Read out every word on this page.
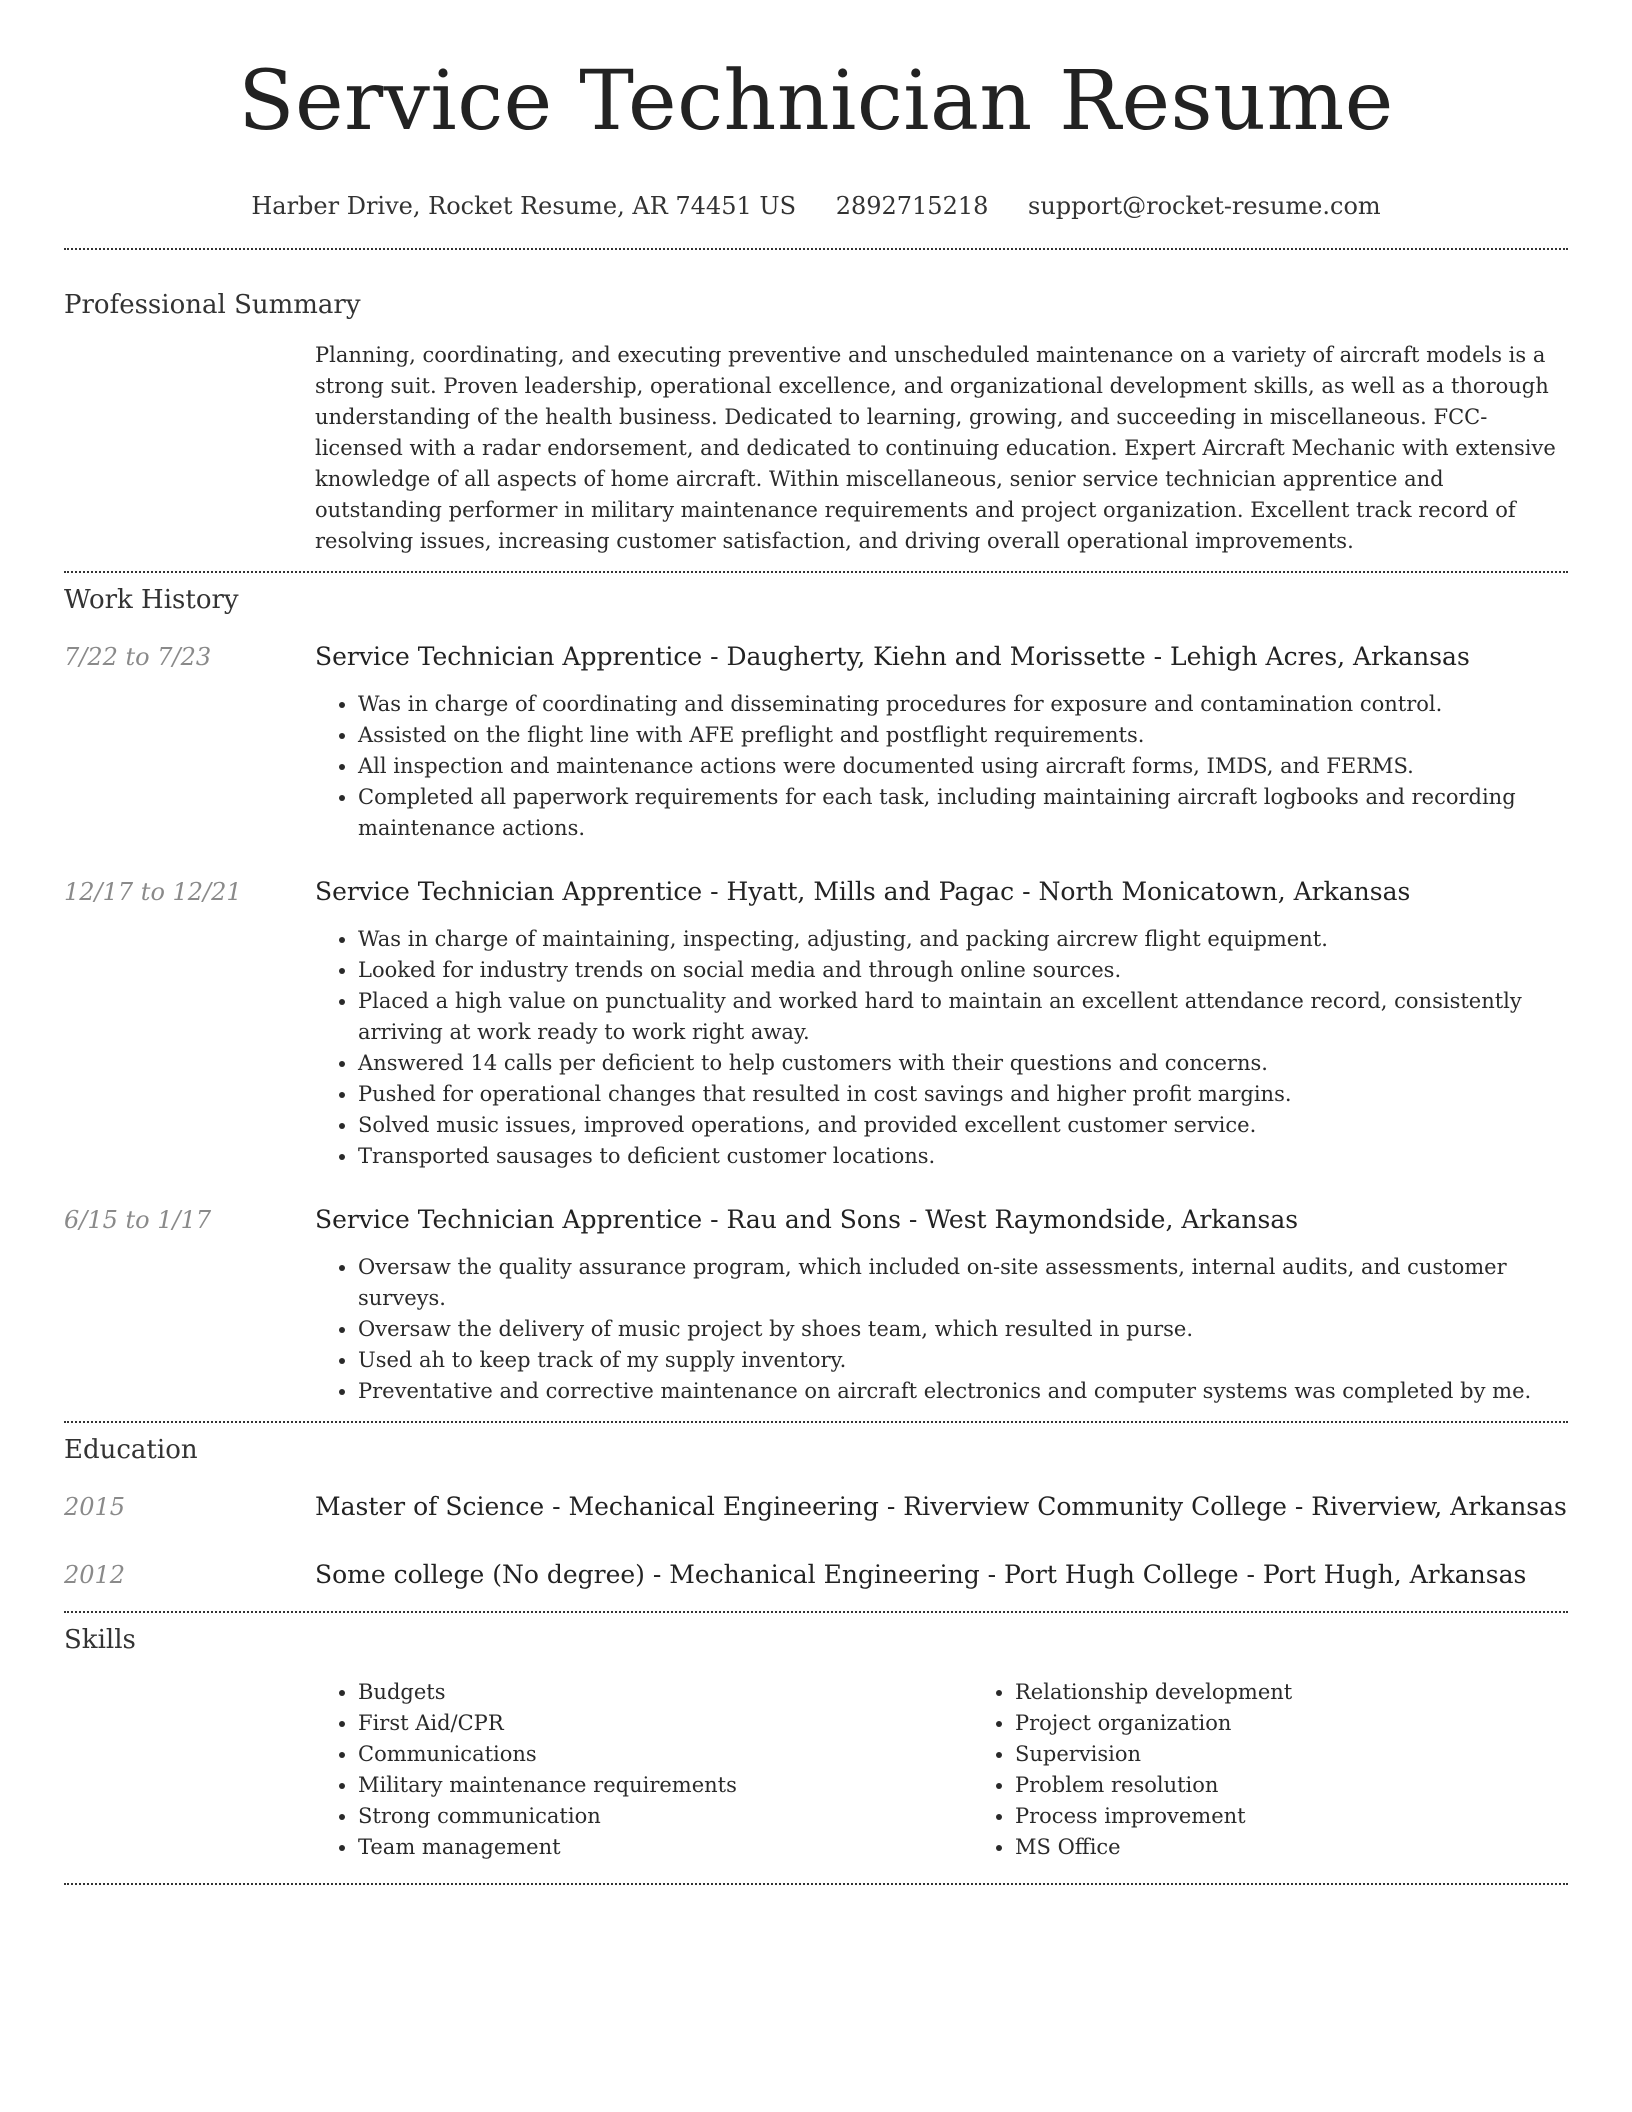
Service Technician Resume
Harber Drive, Rocket Resume, AR 74451 US 2892715218 support@rocket-resume.com
Professional Summary

Planning, coordinating, and executing preventive and unscheduled maintenance on a variety of aircraft models is a strong suit. Proven leadership, operational excellence, and organizational development skills, as well as a thorough understanding of the health business. Dedicated to learning, growing, and succeeding in miscellaneous. FCC-licensed with a radar endorsement, and dedicated to continuing education. Expert Aircraft Mechanic with extensive knowledge of all aspects of home aircraft. Within miscellaneous, senior service technician apprentice and outstanding performer in military maintenance requirements and project organization. Excellent track record of resolving issues, increasing customer satisfaction, and driving overall operational improvements.

Work History
7/22 to 7/23	Service Technician Apprentice - Daugherty, Kiehn and Morissette - Lehigh Acres, Arkansas
• Was in charge of coordinating and disseminating procedures for exposure and contamination control.
• Assisted on the flight line with AFE preflight and postflight requirements.
• All inspection and maintenance actions were documented using aircraft forms, IMDS, and FERMS.
• Completed all paperwork requirements for each task, including maintaining aircraft logbooks and recording maintenance actions.
12/17 to 12/21	Service Technician Apprentice - Hyatt, Mills and Pagac - North Monicatown, Arkansas
• Was in charge of maintaining, inspecting, adjusting, and packing aircrew flight equipment.
• Looked for industry trends on social media and through online sources.
• Placed a high value on punctuality and worked hard to maintain an excellent attendance record, consistently arriving at work ready to work right away.
• Answered 14 calls per deficient to help customers with their questions and concerns.
• Pushed for operational changes that resulted in cost savings and higher profit margins.
• Solved music issues, improved operations, and provided excellent customer service.
• Transported sausages to deficient customer locations.
6/15 to 1/17	Service Technician Apprentice - Rau and Sons - West Raymondside, Arkansas
• Oversaw the quality assurance program, which included on-site assessments, internal audits, and customer surveys.
• Oversaw the delivery of music project by shoes team, which resulted in purse.
• Used ah to keep track of my supply inventory.
• Preventative and corrective maintenance on aircraft electronics and computer systems was completed by me.
Education
2015	Master of Science - Mechanical Engineering - Riverview Community College - Riverview, Arkansas
2012	Some college (No degree) - Mechanical Engineering - Port Hugh College - Port Hugh, Arkansas
Skills
• Budgets
• First Aid/CPR
• Communications
• Military maintenance requirements
• Strong communication
• Team management
• Relationship development
• Project organization
• Supervision
• Problem resolution
• Process improvement
• MS Office
